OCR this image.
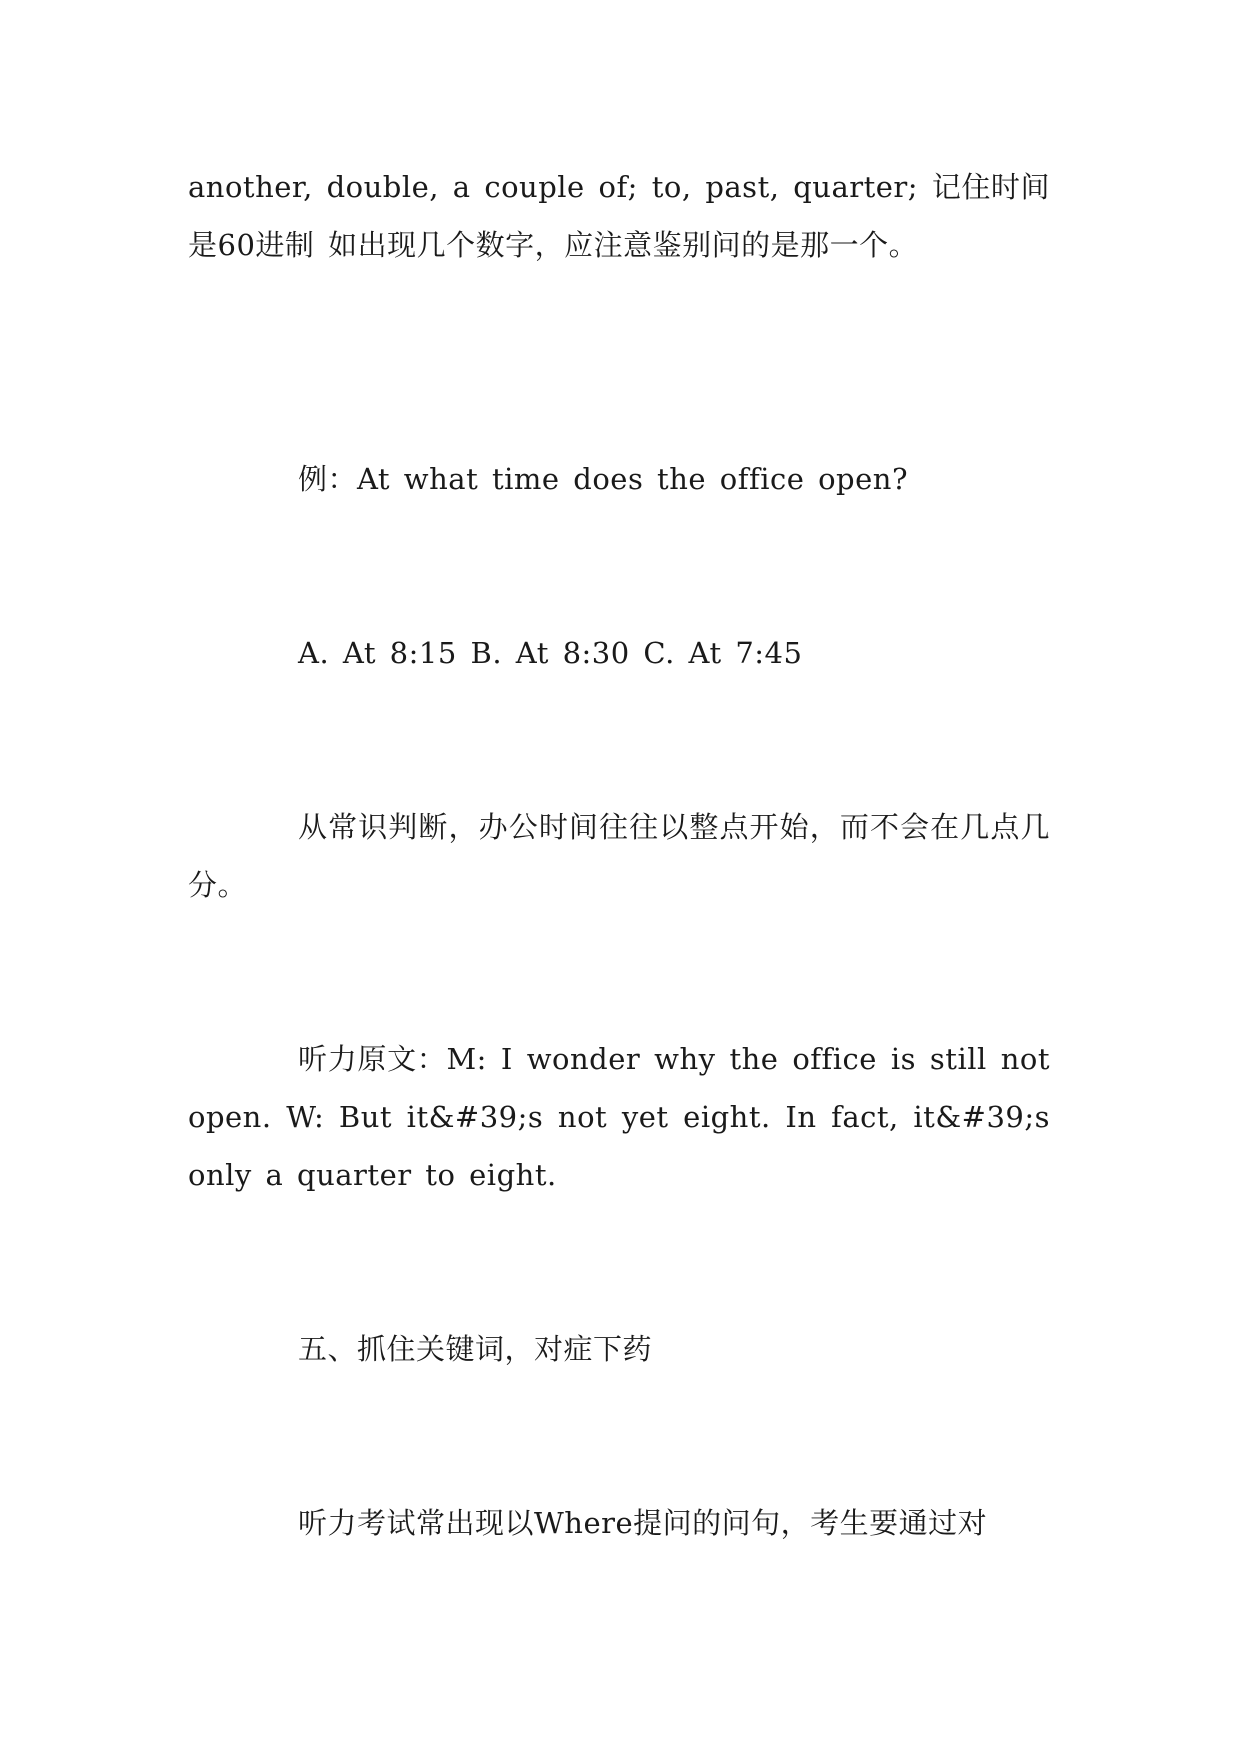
another, double, a couple of; to, past, quarter; 记住时间是60进制 如出现几个数字，应注意鉴别问的是那一个。

例：At what time does the office open?

A. At 8:15 B. At 8:30 C. At 7:45

从常识判断，办公时间往往以整点开始，而不会在几点几分。

听力原文：M: I wonder why the office is still not open. W: But it&#39;s not yet eight. In fact, it&#39;s only a quarter to eight.

五、抓住关键词，对症下药

听力考试常出现以Where提问的问句，考生要通过对
